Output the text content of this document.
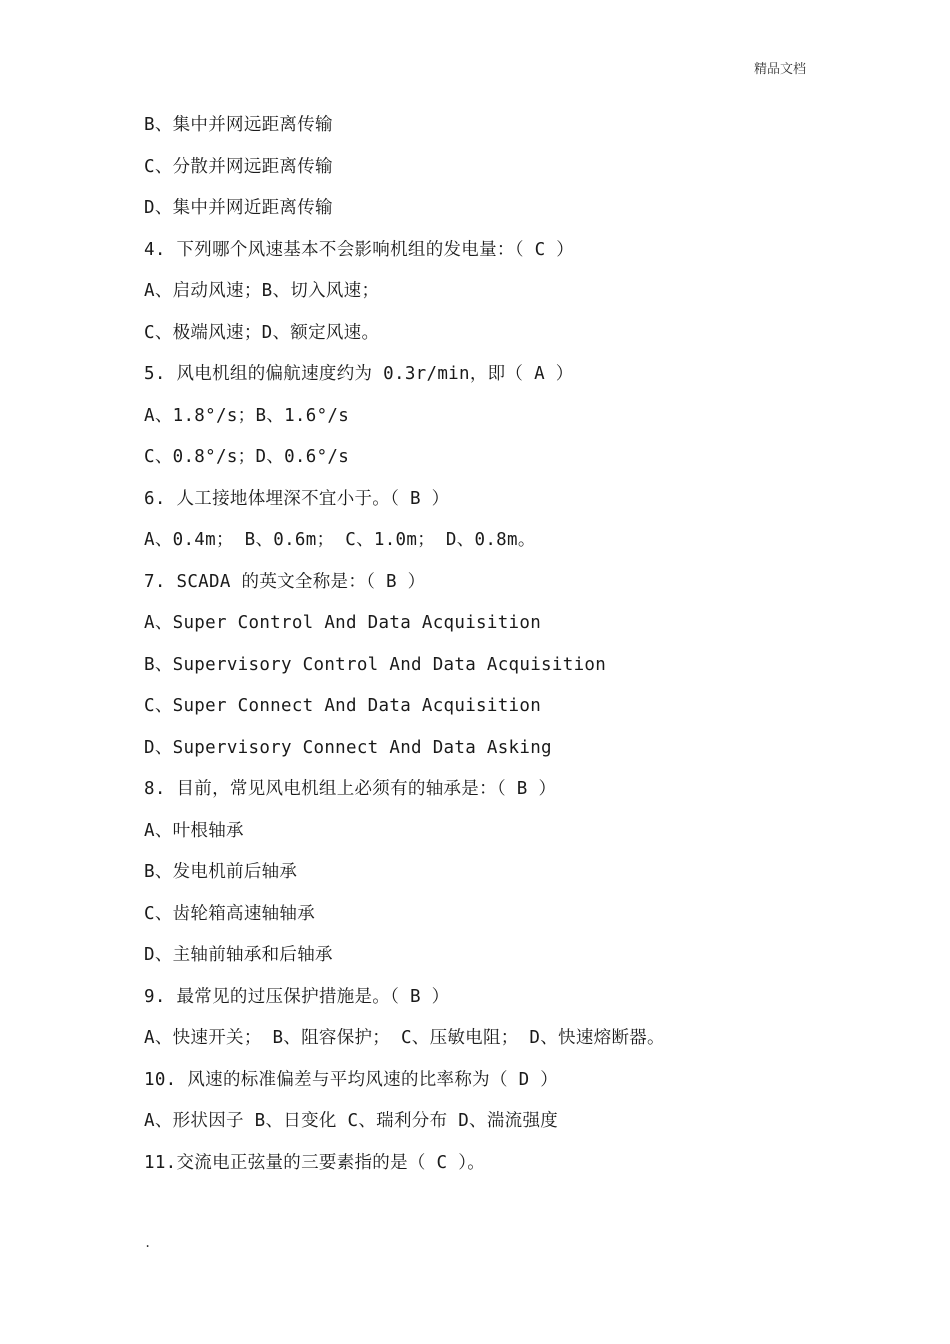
精品文档
B、集中并网远距离传输
C、分散并网远距离传输
D、集中并网近距离传输
4. 下列哪个风速基本不会影响机组的发电量：（ C ）
A、启动风速；B、切入风速；
C、极端风速；D、额定风速。
5. 风电机组的偏航速度约为 0.3r/min，即（ A ）
A、1.8°/s；B、1.6°/s
C、0.8°/s；D、0.6°/s
6. 人工接地体埋深不宜小于。（ B ）
A、0.4m； B、0.6m； C、1.0m； D、0.8m。
7. SCADA 的英文全称是：（ B ）
A、Super Control And Data Acquisition
B、Supervisory Control And Data Acquisition
C、Super Connect And Data Acquisition
D、Supervisory Connect And Data Asking
8. 目前，常见风电机组上必须有的轴承是：（ B ）
A、叶根轴承
B、发电机前后轴承
C、齿轮箱高速轴轴承
D、主轴前轴承和后轴承
9. 最常见的过压保护措施是。（ B ）
A、快速开关； B、阻容保护； C、压敏电阻； D、快速熔断器。
10. 风速的标准偏差与平均风速的比率称为（ D ）
A、形状因子 B、日变化 C、瑞利分布 D、湍流强度
11.交流电正弦量的三要素指的是（ C ）。
.
